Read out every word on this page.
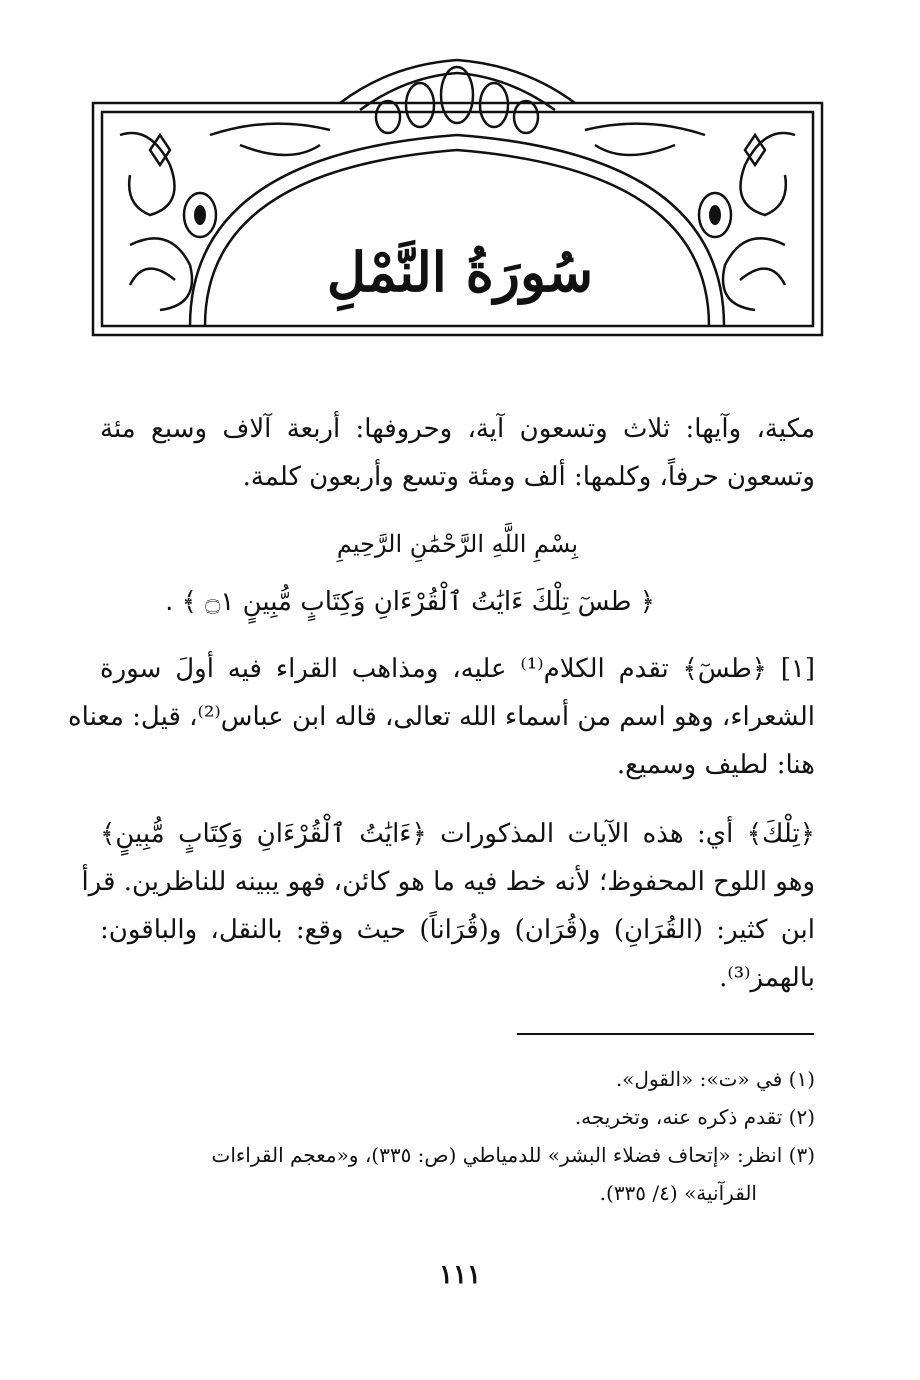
سُورَةُ النَّمْلِ
مكية، وآيها: ثلاث وتسعون آية، وحروفها: أربعة آلاف وسبع مئة
وتسعون حرفاً، وكلمها: ألف ومئة وتسع وأربعون كلمة.
بِسْمِ اللَّهِ الرَّحْمَٰنِ الرَّحِيمِ
﴿ طسٓ تِلْكَ ءَايَٰتُ ٱلْقُرْءَانِ وَكِتَابٍ مُّبِينٍ ۝١ ﴾ .
[١] ﴿طسٓ﴾ تقدم الكلام⁽¹⁾ عليه، ومذاهب القراء فيه أولَ سورة
الشعراء، وهو اسم من أسماء الله تعالى، قاله ابن عباس⁽²⁾، قيل: معناه
هنا: لطيف وسميع.
﴿تِلْكَ﴾ أي: هذه الآيات المذكورات ﴿ءَايَٰتُ ٱلْقُرْءَانِ وَكِتَابٍ مُّبِينٍ﴾
وهو اللوح المحفوظ؛ لأنه خط فيه ما هو كائن، فهو يبينه للناظرين. قرأ
ابن كثير: (القُرَانِ) و(قُرَان) و(قُرَاناً) حيث وقع: بالنقل، والباقون:
بالهمز⁽³⁾.
(١) في «ت»: «القول».
(٢) تقدم ذكره عنه، وتخريجه.
(٣) انظر: «إتحاف فضلاء البشر» للدمياطي (ص: ٣٣٥)، و«معجم القراءات
القرآنية» (٤/ ٣٣٥).
١١١
